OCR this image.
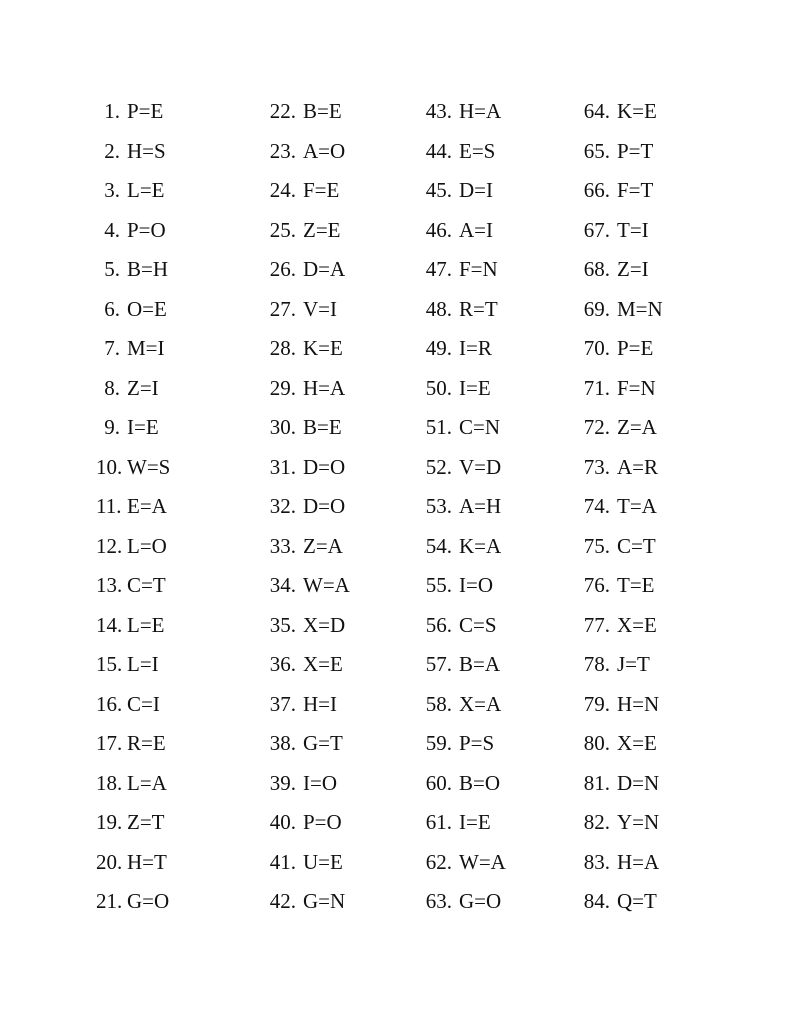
1. P=E
2. H=S
3. L=E
4. P=O
5. B=H
6. O=E
7. M=I
8. Z=I
9. I=E
10. W=S
11. E=A
12. L=O
13. C=T
14. L=E
15. L=I
16. C=I
17. R=E
18. L=A
19. Z=T
20. H=T
21. G=O
22. B=E
23. A=O
24. F=E
25. Z=E
26. D=A
27. V=I
28. K=E
29. H=A
30. B=E
31. D=O
32. D=O
33. Z=A
34. W=A
35. X=D
36. X=E
37. H=I
38. G=T
39. I=O
40. P=O
41. U=E
42. G=N
43. H=A
44. E=S
45. D=I
46. A=I
47. F=N
48. R=T
49. I=R
50. I=E
51. C=N
52. V=D
53. A=H
54. K=A
55. I=O
56. C=S
57. B=A
58. X=A
59. P=S
60. B=O
61. I=E
62. W=A
63. G=O
64. K=E
65. P=T
66. F=T
67. T=I
68. Z=I
69. M=N
70. P=E
71. F=N
72. Z=A
73. A=R
74. T=A
75. C=T
76. T=E
77. X=E
78. J=T
79. H=N
80. X=E
81. D=N
82. Y=N
83. H=A
84. Q=T
